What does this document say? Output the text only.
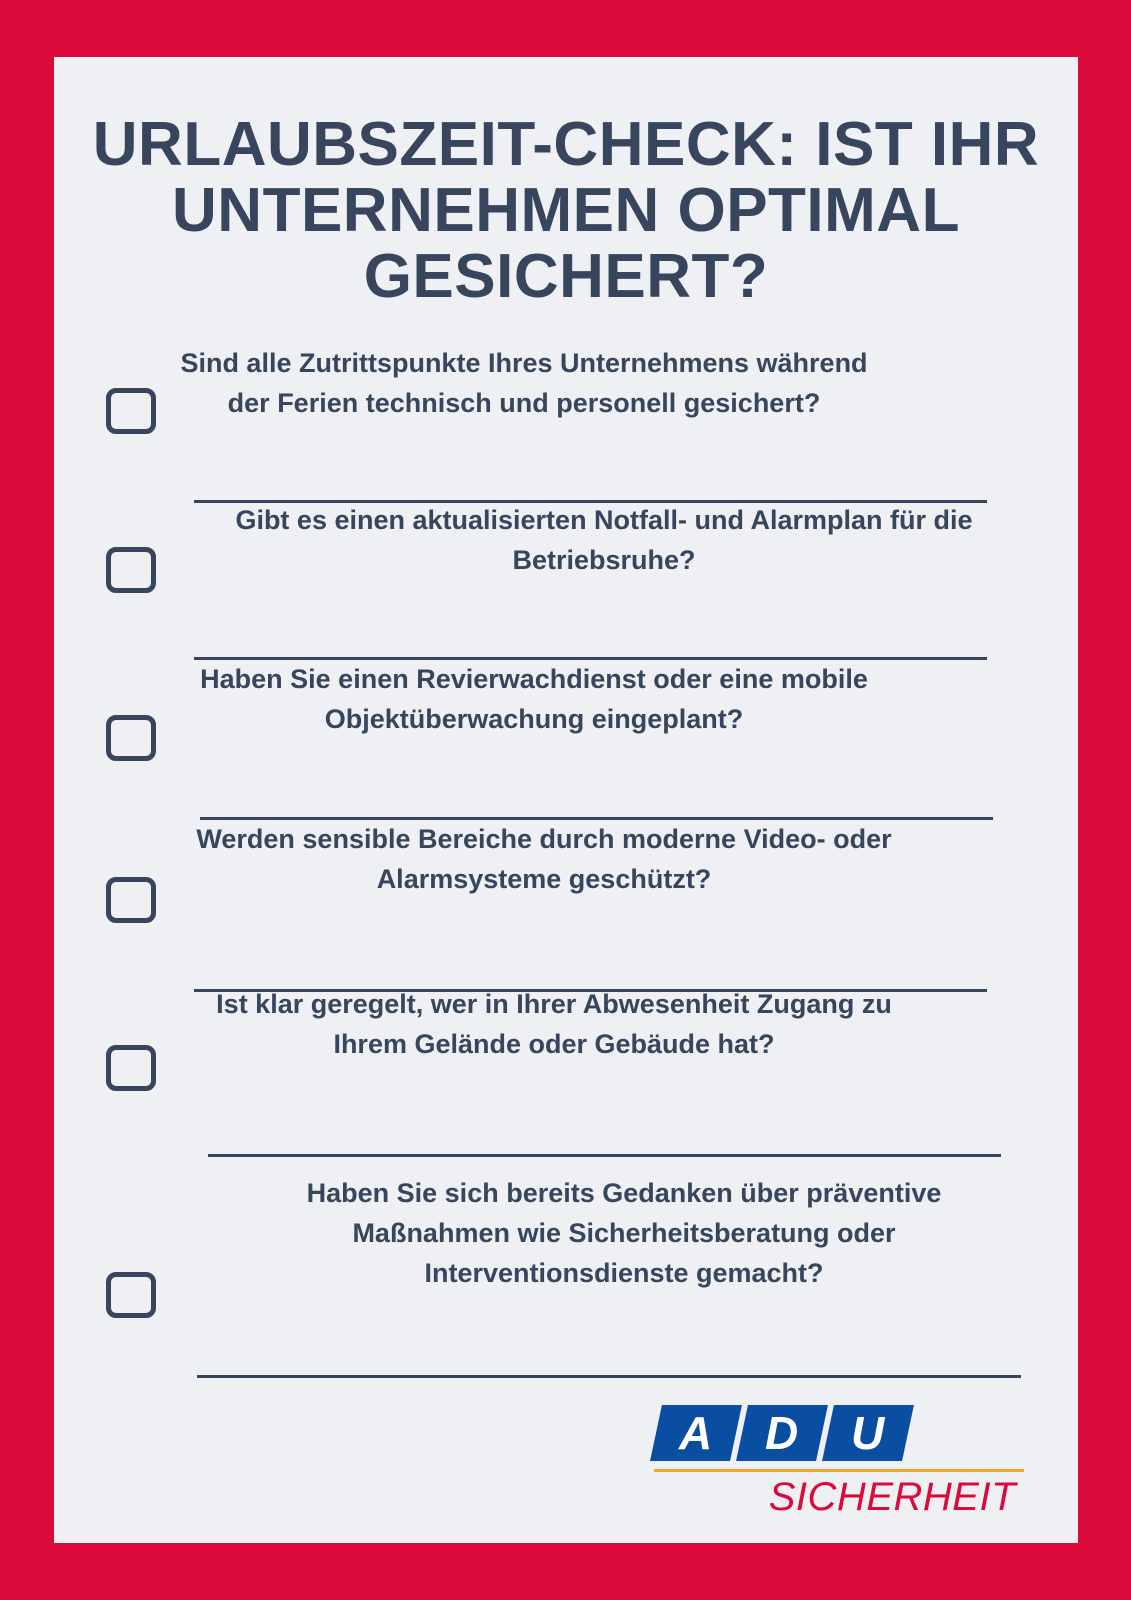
URLAUBSZEIT-CHECK: IST IHR
UNTERNEHMEN OPTIMAL
GESICHERT?

Sind alle Zutrittspunkte Ihres Unternehmens während
der Ferien technisch und personell gesichert?

Gibt es einen aktualisierten Notfall- und Alarmplan für die
Betriebsruhe?

Haben Sie einen Revierwachdienst oder eine mobile
Objektüberwachung eingeplant?

Werden sensible Bereiche durch moderne Video- oder
Alarmsysteme geschützt?

Ist klar geregelt, wer in Ihrer Abwesenheit Zugang zu
Ihrem Gelände oder Gebäude hat?

Haben Sie sich bereits Gedanken über präventive
Maßnahmen wie Sicherheitsberatung oder
Interventionsdienste gemacht?

A D U
SICHERHEIT
